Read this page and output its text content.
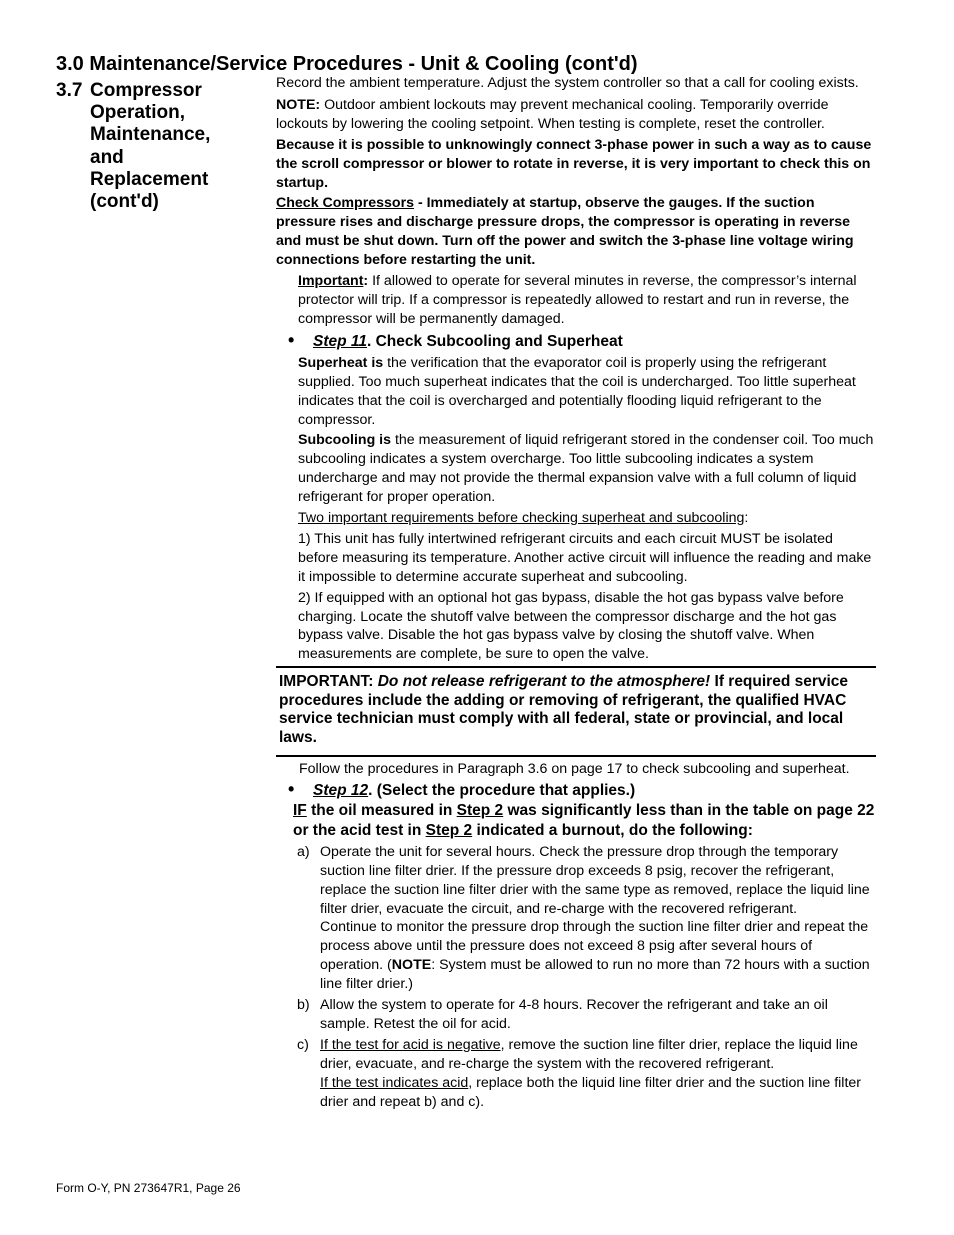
3.0 Maintenance/Service Procedures - Unit & Cooling (cont'd)
3.7 Compressor
Operation,
Maintenance,
and
Replacement
(cont'd)

Record the ambient temperature. Adjust the system controller so that a call for cooling exists.

NOTE: Outdoor ambient lockouts may prevent mechanical cooling. Temporarily override lockouts by lowering the cooling setpoint. When testing is complete, reset the controller.

Because it is possible to unknowingly connect 3-phase power in such a way as to cause the scroll compressor or blower to rotate in reverse, it is very important to check this on startup.

Check Compressors - Immediately at startup, observe the gauges. If the suction pressure rises and discharge pressure drops, the compressor is operating in reverse and must be shut down. Turn off the power and switch the 3-phase line voltage wiring connections before restarting the unit.

Important: If allowed to operate for several minutes in reverse, the compressor’s internal protector will trip. If a compressor is repeatedly allowed to restart and run in reverse, the compressor will be permanently damaged.

• Step 11. Check Subcooling and Superheat

Superheat is the verification that the evaporator coil is properly using the refrigerant supplied. Too much superheat indicates that the coil is undercharged. Too little superheat indicates that the coil is overcharged and potentially flooding liquid refrigerant to the compressor.

Subcooling is the measurement of liquid refrigerant stored in the condenser coil. Too much subcooling indicates a system overcharge. Too little subcooling indicates a system undercharge and may not provide the thermal expansion valve with a full column of liquid refrigerant for proper operation.

Two important requirements before checking superheat and subcooling:

1) This unit has fully intertwined refrigerant circuits and each circuit MUST be isolated before measuring its temperature. Another active circuit will influence the reading and make it impossible to determine accurate superheat and subcooling.

2) If equipped with an optional hot gas bypass, disable the hot gas bypass valve before charging. Locate the shutoff valve between the compressor discharge and the hot gas bypass valve. Disable the hot gas bypass valve by closing the shutoff valve. When measurements are complete, be sure to open the valve.

IMPORTANT: Do not release refrigerant to the atmosphere! If required service procedures include the adding or removing of refrigerant, the qualified HVAC service technician must comply with all federal, state or provincial, and local laws.

Follow the procedures in Paragraph 3.6 on page 17 to check subcooling and superheat.

• Step 12. (Select the procedure that applies.)
IF the oil measured in Step 2 was significantly less than in the table on page 22 or the acid test in Step 2 indicated a burnout, do the following:
a) Operate the unit for several hours. Check the pressure drop through the temporary suction line filter drier. If the pressure drop exceeds 8 psig, recover the refrigerant, replace the suction line filter drier with the same type as removed, replace the liquid line filter drier, evacuate the circuit, and re-charge with the recovered refrigerant.

Continue to monitor the pressure drop through the suction line filter drier and repeat the process above until the pressure does not exceed 8 psig after several hours of operation. (NOTE: System must be allowed to run no more than 72 hours with a suction line filter drier.)

b) Allow the system to operate for 4-8 hours. Recover the refrigerant and take an oil sample. Retest the oil for acid.

c) If the test for acid is negative, remove the suction line filter drier, replace the liquid line drier, evacuate, and re-charge the system with the recovered refrigerant.

If the test indicates acid, replace both the liquid line filter drier and the suction line filter drier and repeat b) and c).

Form O-Y, PN 273647R1, Page 26
